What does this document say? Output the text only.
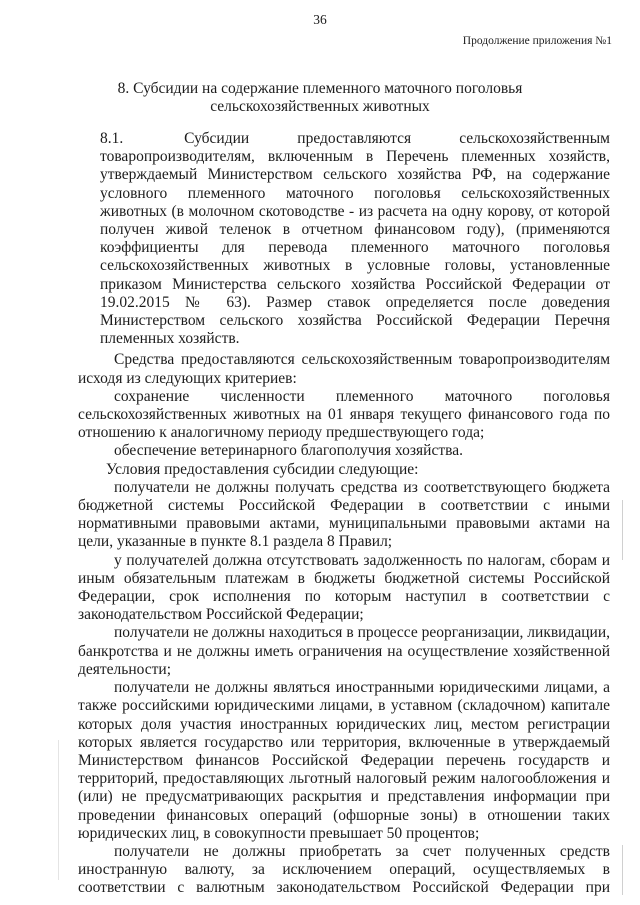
36
Продолжение приложения №1
8. Субсидии на содержание племенного маточного поголовья
сельскохозяйственных животных

8.1.	Субсидии предоставляются сельскохозяйственным товаропроизводителям, включенным в Перечень племенных хозяйств, утверждаемый Министерством сельского хозяйства РФ, на содержание условного племенного маточного поголовья сельскохозяйственных животных (в молочном скотоводстве - из расчета на одну корову, от которой получен живой теленок в отчетном финансовом году), (применяются коэффициенты для перевода племенного маточного поголовья сельскохозяйственных животных в условные головы, установленные приказом Министерства сельского хозяйства Российской Федерации от 19.02.2015 № 63). Размер ставок определяется после доведения Министерством сельского хозяйства Российской Федерации Перечня племенных хозяйств.

Средства предоставляются сельскохозяйственным товаропроизводителям исходя из следующих критериев:

сохранение численности племенного маточного поголовья сельскохозяйственных животных на 01 января текущего финансового года по отношению к аналогичному периоду предшествующего года;

обеспечение ветеринарного благополучия хозяйства.

Условия предоставления субсидии следующие:

получатели не должны получать средства из соответствующего бюджета бюджетной системы Российской Федерации в соответствии с иными нормативными правовыми актами, муниципальными правовыми актами на цели, указанные в пункте 8.1 раздела 8 Правил;

у получателей должна отсутствовать задолженность по налогам, сборам и иным обязательным платежам в бюджеты бюджетной системы Российской Федерации, срок исполнения по которым наступил в соответствии с законодательством Российской Федерации;

получатели не должны находиться в процессе реорганизации, ликвидации, банкротства и не должны иметь ограничения на осуществление хозяйственной деятельности;

получатели не должны являться иностранными юридическими лицами, а также российскими юридическими лицами, в уставном (складочном) капитале которых доля участия иностранных юридических лиц, местом регистрации которых является государство или территория, включенные в утверждаемый Министерством финансов Российской Федерации перечень государств и территорий, предоставляющих льготный налоговый режим налогообложения и (или) не предусматривающих раскрытия и представления информации при проведении финансовых операций (офшорные зоны) в отношении таких юридических лиц, в совокупности превышает 50 процентов;

получатели не должны приобретать за счет полученных средств иностранную валюту, за исключением операций, осуществляемых в соответствии с валютным законодательством Российской Федерации при
